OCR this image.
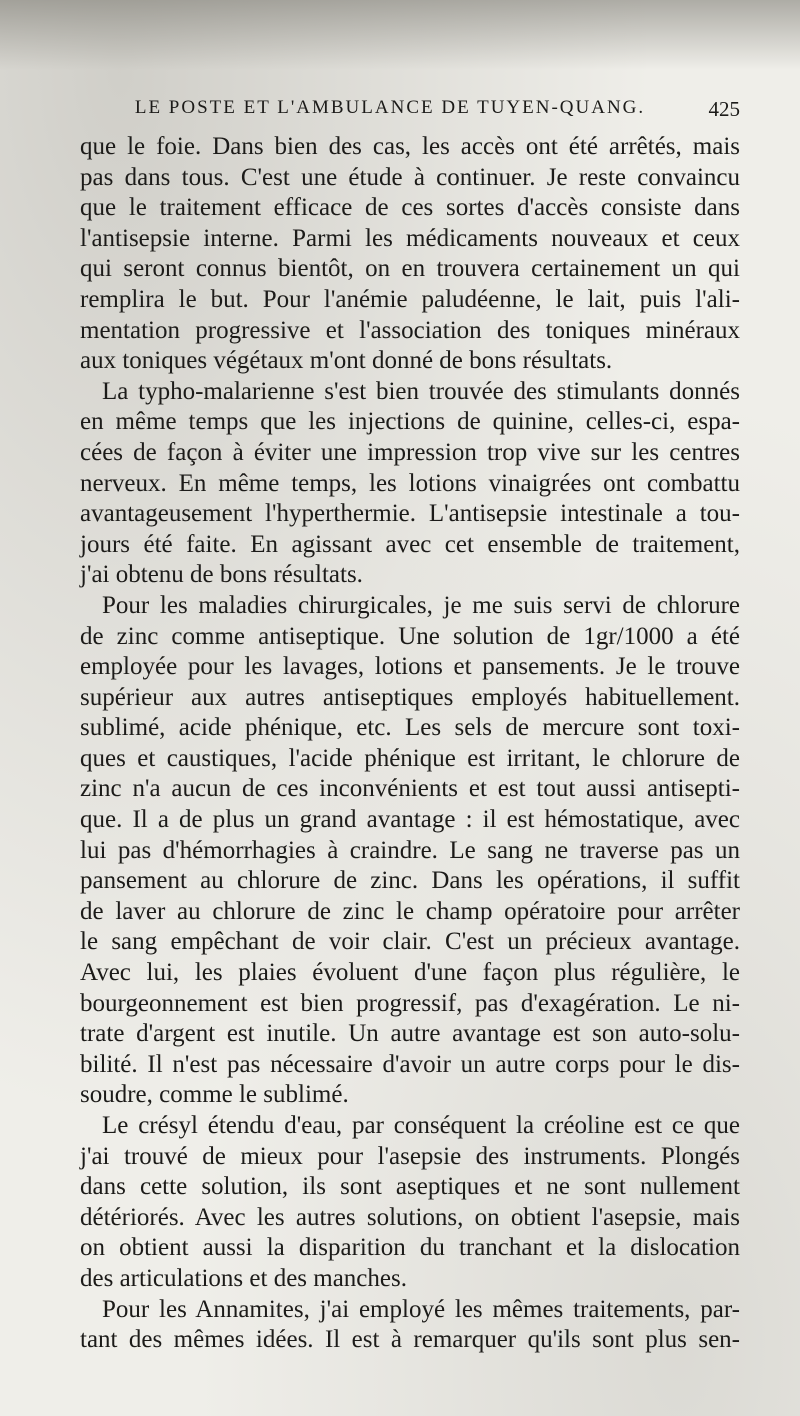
LE POSTE ET L'AMBULANCE DE TUYEN-QUANG.	425
que le foie. Dans bien des cas, les accès ont été arrêtés, mais
pas dans tous. C'est une étude à continuer. Je reste convaincu
que le traitement efficace de ces sortes d'accès consiste dans
l'antisepsie interne. Parmi les médicaments nouveaux et ceux
qui seront connus bientôt, on en trouvera certainement un qui
remplira le but. Pour l'anémie paludéenne, le lait, puis l'ali-
mentation progressive et l'association des toniques minéraux
aux toniques végétaux m'ont donné de bons résultats.
La typho-malarienne s'est bien trouvée des stimulants donnés
en même temps que les injections de quinine, celles-ci, espa-
cées de façon à éviter une impression trop vive sur les centres
nerveux. En même temps, les lotions vinaigrées ont combattu
avantageusement l'hyperthermie. L'antisepsie intestinale a tou-
jours été faite. En agissant avec cet ensemble de traitement,
j'ai obtenu de bons résultats.
Pour les maladies chirurgicales, je me suis servi de chlorure
de zinc comme antiseptique. Une solution de 1gr/1000 a été
employée pour les lavages, lotions et pansements. Je le trouve
supérieur aux autres antiseptiques employés habituellement.
sublimé, acide phénique, etc. Les sels de mercure sont toxi-
ques et caustiques, l'acide phénique est irritant, le chlorure de
zinc n'a aucun de ces inconvénients et est tout aussi antisepti-
que. Il a de plus un grand avantage : il est hémostatique, avec
lui pas d'hémorrhagies à craindre. Le sang ne traverse pas un
pansement au chlorure de zinc. Dans les opérations, il suffit
de laver au chlorure de zinc le champ opératoire pour arrêter
le sang empêchant de voir clair. C'est un précieux avantage.
Avec lui, les plaies évoluent d'une façon plus régulière, le
bourgeonnement est bien progressif, pas d'exagération. Le ni-
trate d'argent est inutile. Un autre avantage est son auto-solu-
bilité. Il n'est pas nécessaire d'avoir un autre corps pour le dis-
soudre, comme le sublimé.
Le crésyl étendu d'eau, par conséquent la créoline est ce que
j'ai trouvé de mieux pour l'asepsie des instruments. Plongés
dans cette solution, ils sont aseptiques et ne sont nullement
détériorés. Avec les autres solutions, on obtient l'asepsie, mais
on obtient aussi la disparition du tranchant et la dislocation
des articulations et des manches.
Pour les Annamites, j'ai employé les mêmes traitements, par-
tant des mêmes idées. Il est à remarquer qu'ils sont plus sen-
